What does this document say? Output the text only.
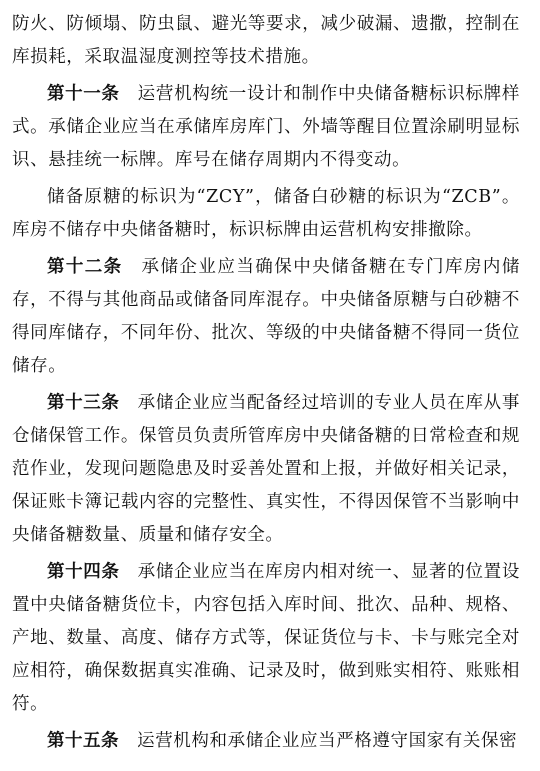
防火、防倾塌、防虫鼠、避光等要求，减少破漏、遗撒，控制在库损耗，采取温湿度测控等技术措施。

第十一条　 运营机构统一设计和制作中央储备糖标识标牌样式。承储企业应当在承储库房库门、外墙等醒目位置涂刷明显标识、悬挂统一标牌。库号在储存周期内不得变动。

储备原糖的标识为“ZCY”，储备白砂糖的标识为“ZCB”。库房不储存中央储备糖时，标识标牌由运营机构安排撤除。

第十二条　 承储企业应当确保中央储备糖在专门库房内储存，不得与其他商品或储备同库混存。中央储备原糖与白砂糖不得同库储存，不同年份、批次、等级的中央储备糖不得同一货位储存。

第十三条　 承储企业应当配备经过培训的专业人员在库从事仓储保管工作。保管员负责所管库房中央储备糖的日常检查和规范作业，发现问题隐患及时妥善处置和上报，并做好相关记录，保证账卡簿记载内容的完整性、真实性，不得因保管不当影响中央储备糖数量、质量和储存安全。

第十四条　 承储企业应当在库房内相对统一、显著的位置设置中央储备糖货位卡，内容包括入库时间、批次、品种、规格、产地、数量、高度、储存方式等，保证货位与卡、卡与账完全对应相符，确保数据真实准确、记录及时，做到账实相符、账账相符。

第十五条　 运营机构和承储企业应当严格遵守国家有关保密
